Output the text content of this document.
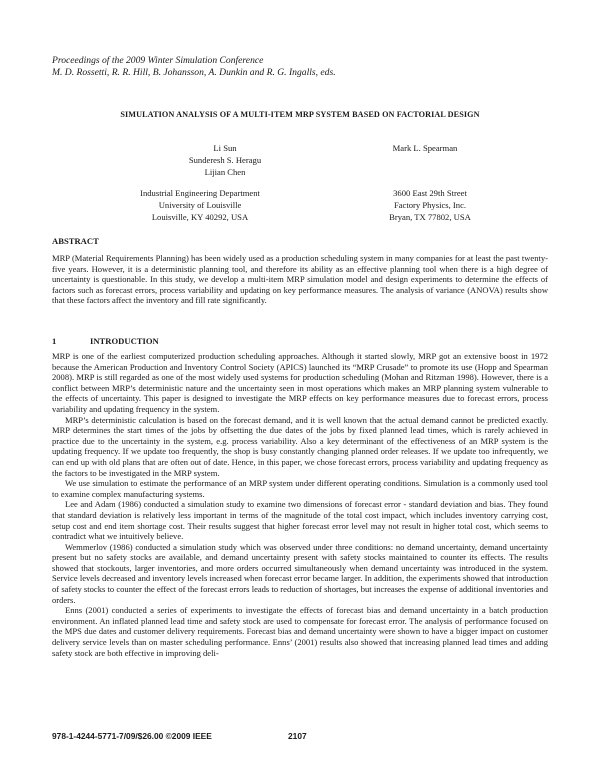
Proceedings of the 2009 Winter Simulation Conference
M. D. Rossetti, R. R. Hill, B. Johansson, A. Dunkin and R. G. Ingalls, eds.
SIMULATION ANALYSIS OF A MULTI-ITEM MRP SYSTEM BASED ON FACTORIAL DESIGN
Li Sun
Sunderesh S. Heragu
Lijian Chen
Mark L. Spearman
Industrial Engineering Department
University of Louisville
Louisville, KY 40292, USA
3600 East 29th Street
Factory Physics, Inc.
Bryan, TX 77802, USA
ABSTRACT

MRP (Material Requirements Planning) has been widely used as a production scheduling system in many companies for at least the past twenty-five years. However, it is a deterministic planning tool, and therefore its ability as an effective planning tool when there is a high degree of uncertainty is questionable. In this study, we develop a multi-item MRP simulation model and design experiments to determine the effects of factors such as forecast errors, process variability and updating on key performance measures. The analysis of variance (ANOVA) results show that these factors affect the inventory and fill rate significantly.

1	INTRODUCTION

MRP is one of the earliest computerized production scheduling approaches. Although it started slowly, MRP got an extensive boost in 1972 because the American Production and Inventory Control Society (APICS) launched its “MRP Crusade” to promote its use (Hopp and Spearman 2008). MRP is still regarded as one of the most widely used systems for production scheduling (Mohan and Ritzman 1998). However, there is a conflict between MRP’s deterministic nature and the uncertainty seen in most operations which makes an MRP planning system vulnerable to the effects of uncertainty. This paper is designed to investigate the MRP effects on key performance measures due to forecast errors, process variability and updating frequency in the system.

MRP’s deterministic calculation is based on the forecast demand, and it is well known that the actual demand cannot be predicted exactly. MRP determines the start times of the jobs by offsetting the due dates of the jobs by fixed planned lead times, which is rarely achieved in practice due to the uncertainty in the system, e.g. process variability. Also a key determinant of the effectiveness of an MRP system is the updating frequency. If we update too frequently, the shop is busy constantly changing planned order releases. If we update too infrequently, we can end up with old plans that are often out of date. Hence, in this paper, we chose forecast errors, process variability and updating frequency as the factors to be investigated in the MRP system.

We use simulation to estimate the performance of an MRP system under different operating conditions. Simulation is a commonly used tool to examine complex manufacturing systems.

Lee and Adam (1986) conducted a simulation study to examine two dimensions of forecast error - standard deviation and bias. They found that standard deviation is relatively less important in terms of the magnitude of the total cost impact, which includes inventory carrying cost, setup cost and end item shortage cost. Their results suggest that higher forecast error level may not result in higher total cost, which seems to contradict what we intuitively believe.

Wemmerlov (1986) conducted a simulation study which was observed under three conditions: no demand uncertainty, demand uncertainty present but no safety stocks are available, and demand uncertainty present with safety stocks maintained to counter its effects. The results showed that stockouts, larger inventories, and more orders occurred simultaneously when demand uncertainty was introduced in the system. Service levels decreased and inventory levels increased when forecast error became larger. In addition, the experiments showed that introduction of safety stocks to counter the effect of the forecast errors leads to reduction of shortages, but increases the expense of additional inventories and orders.

Enns (2001) conducted a series of experiments to investigate the effects of forecast bias and demand uncertainty in a batch production environment. An inflated planned lead time and safety stock are used to compensate for forecast error. The analysis of performance focused on the MPS due dates and customer delivery requirements. Forecast bias and demand uncertainty were shown to have a bigger impact on customer delivery service levels than on master scheduling performance. Enns’ (2001) results also showed that increasing planned lead times and adding safety stock are both effective in improving deli-

978-1-4244-5771-7/09/$26.00 ©2009 IEEE	2107
